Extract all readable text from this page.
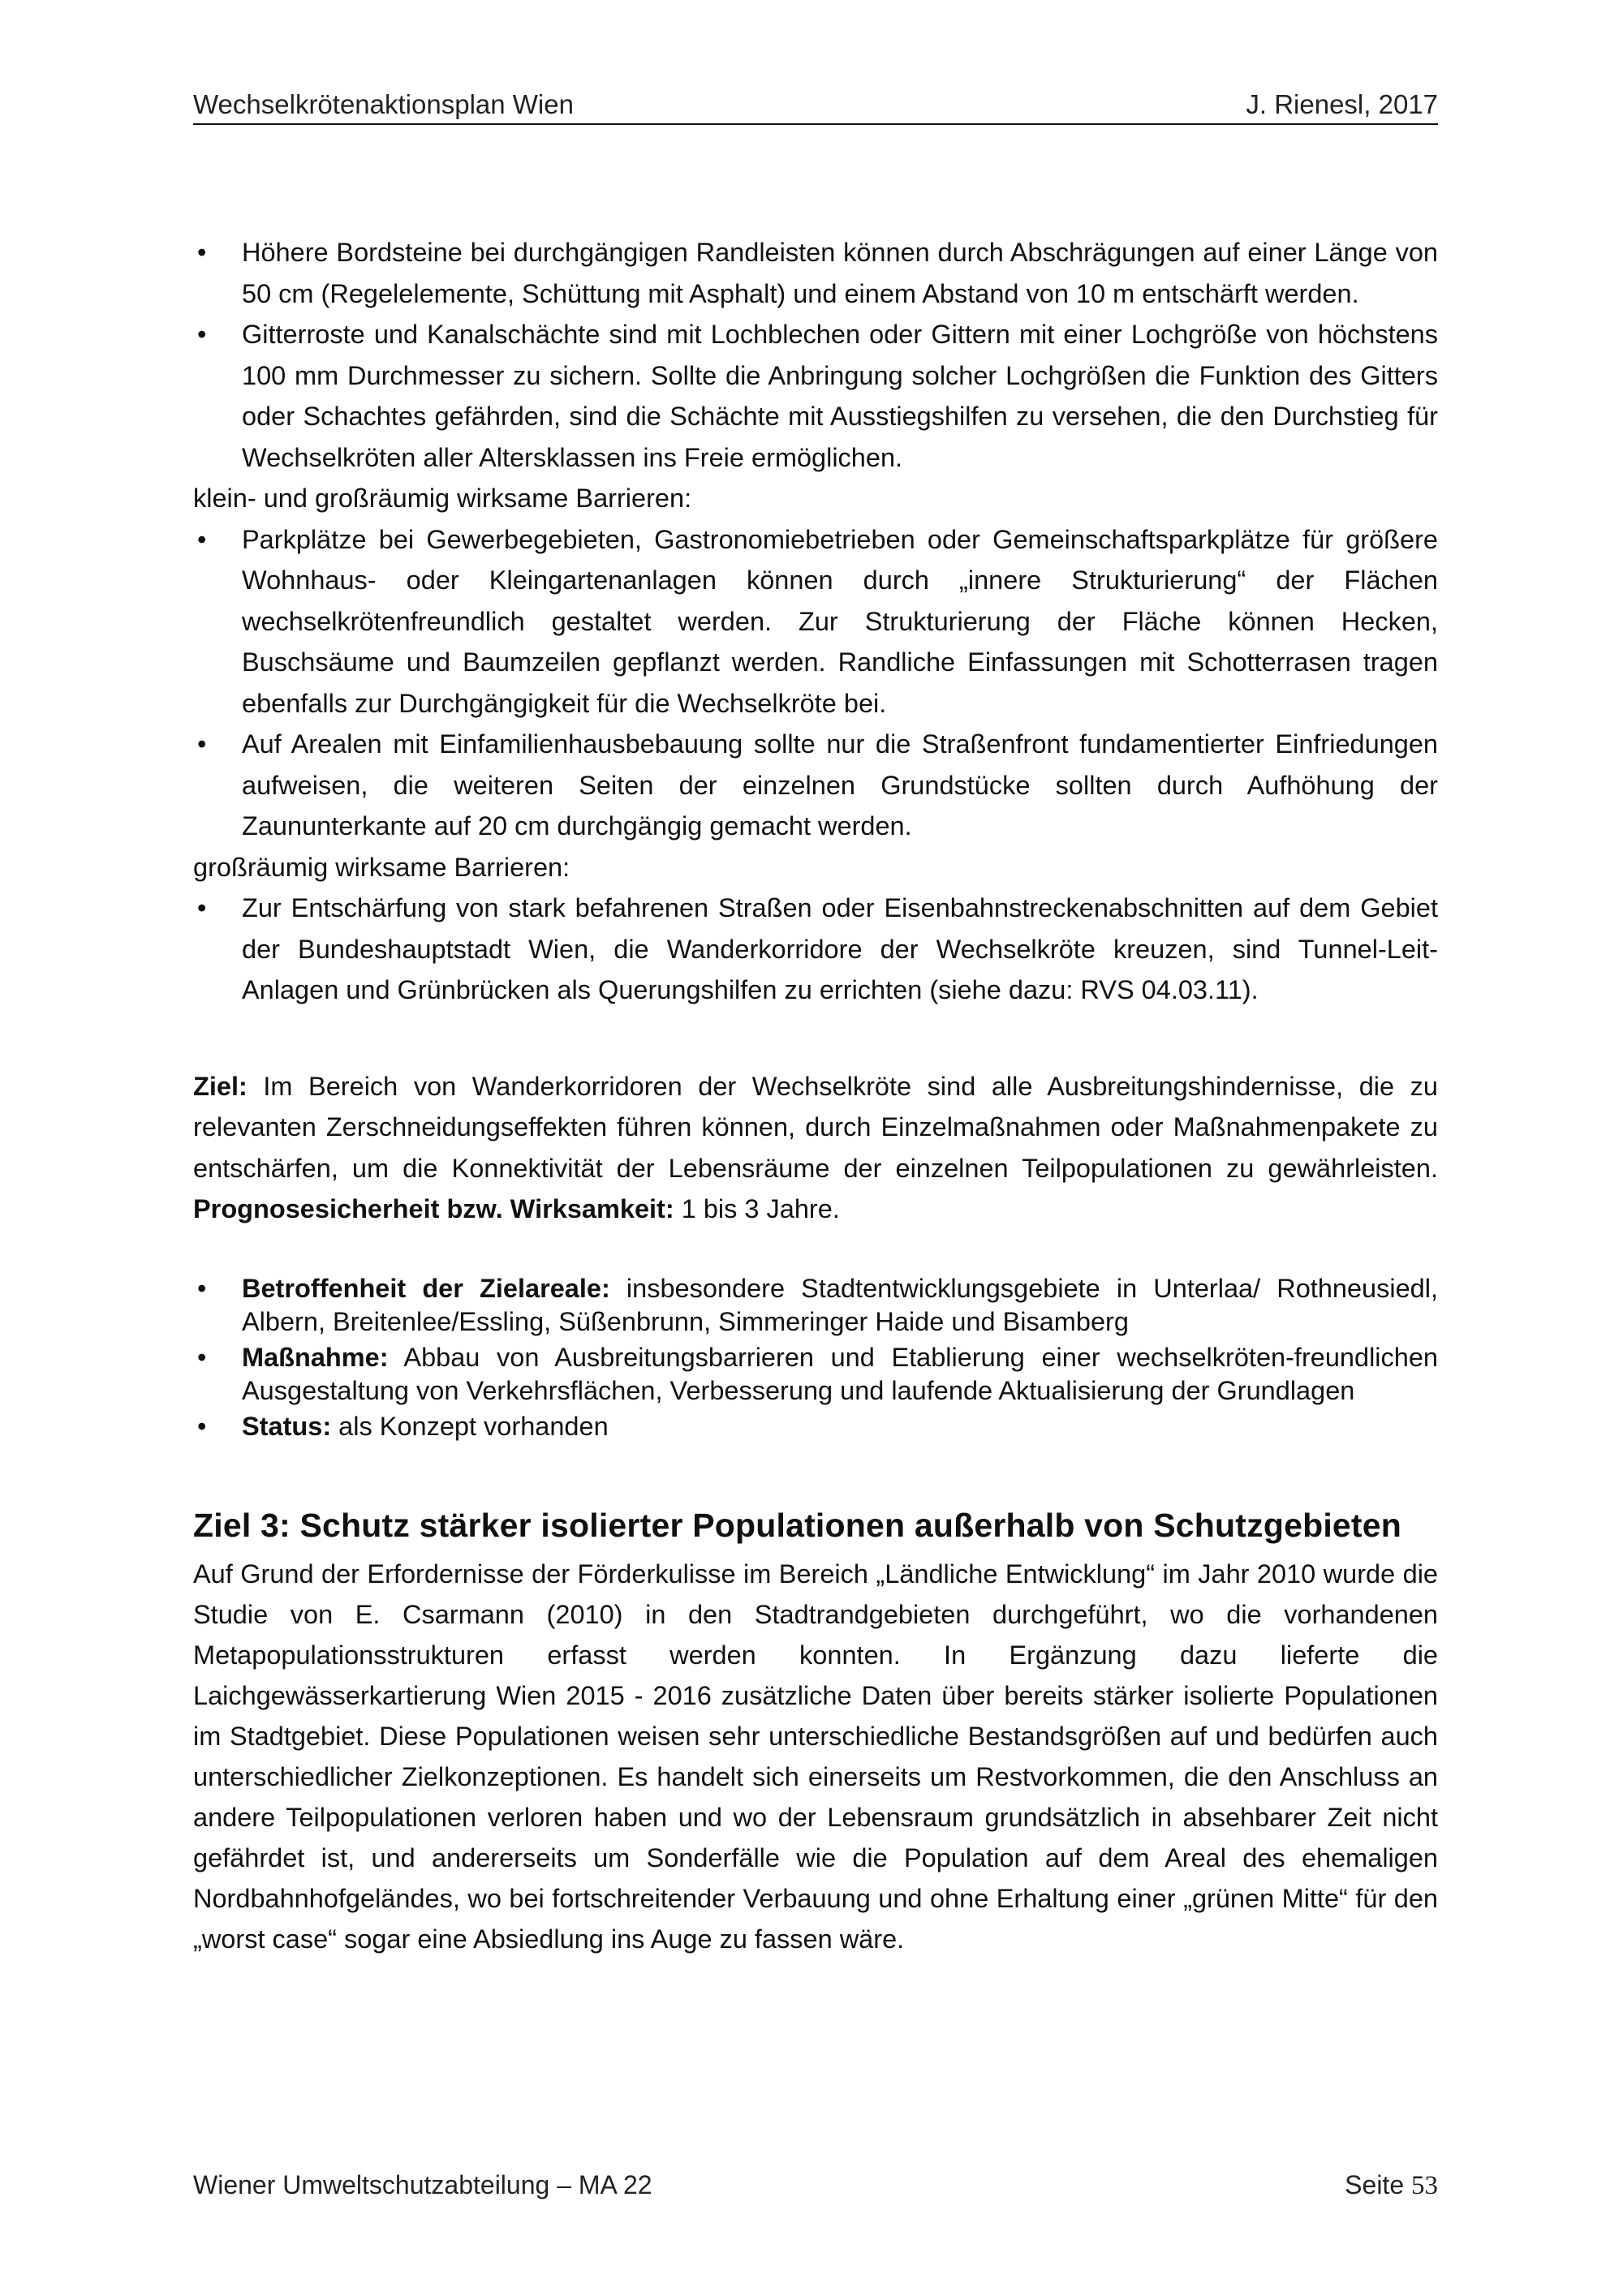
Wechselkrötenaktionsplan Wien	J. Rienesl, 2017
• Höhere Bordsteine bei durchgängigen Randleisten können durch Abschrägungen auf einer Länge von 50 cm (Regelelemente, Schüttung mit Asphalt) und einem Abstand von 10 m entschärft werden.
• Gitterroste und Kanalschächte sind mit Lochblechen oder Gittern mit einer Lochgröße von höchstens 100 mm Durchmesser zu sichern. Sollte die Anbringung solcher Lochgrößen die Funktion des Gitters oder Schachtes gefährden, sind die Schächte mit Ausstiegshilfen zu versehen, die den Durchstieg für Wechselkröten aller Altersklassen ins Freie ermöglichen.
klein- und großräumig wirksame Barrieren:
• Parkplätze bei Gewerbegebieten, Gastronomiebetrieben oder Gemeinschaftsparkplätze für größere Wohnhaus- oder Kleingartenanlagen können durch „innere Strukturierung“ der Flächen wechselkrötenfreundlich gestaltet werden. Zur Strukturierung der Fläche können Hecken, Buschsäume und Baumzeilen gepflanzt werden. Randliche Einfassungen mit Schotterrasen tragen ebenfalls zur Durchgängigkeit für die Wechselkröte bei.
• Auf Arealen mit Einfamilienhausbebauung sollte nur die Straßenfront fundamentierter Einfriedungen aufweisen, die weiteren Seiten der einzelnen Grundstücke sollten durch Aufhöhung der Zaununterkante auf 20 cm durchgängig gemacht werden.
großräumig wirksame Barrieren:
• Zur Entschärfung von stark befahrenen Straßen oder Eisenbahnstreckenabschnitten auf dem Gebiet der Bundeshauptstadt Wien, die Wanderkorridore der Wechselkröte kreuzen, sind Tunnel-Leit-Anlagen und Grünbrücken als Querungshilfen zu errichten (siehe dazu: RVS 04.03.11).

Ziel: Im Bereich von Wanderkorridoren der Wechselkröte sind alle Ausbreitungshindernisse, die zu relevanten Zerschneidungseffekten führen können, durch Einzelmaßnahmen oder Maßnahmenpakete zu entschärfen, um die Konnektivität der Lebensräume der einzelnen Teilpopulationen zu gewährleisten. Prognosesicherheit bzw. Wirksamkeit: 1 bis 3 Jahre.

• Betroffenheit der Zielareale: insbesondere Stadtentwicklungsgebiete in Unterlaa/ Rothneusiedl, Albern, Breitenlee/Essling, Süßenbrunn, Simmeringer Haide und Bisamberg
• Maßnahme: Abbau von Ausbreitungsbarrieren und Etablierung einer wechselkröten-freundlichen Ausgestaltung von Verkehrsflächen, Verbesserung und laufende Aktualisierung der Grundlagen
• Status: als Konzept vorhanden
Ziel 3: Schutz stärker isolierter Populationen außerhalb von Schutzgebieten

Auf Grund der Erfordernisse der Förderkulisse im Bereich „Ländliche Entwicklung“ im Jahr 2010 wurde die Studie von E. Csarmann (2010) in den Stadtrandgebieten durchgeführt, wo die vorhandenen Metapopulationsstrukturen erfasst werden konnten. In Ergänzung dazu lieferte die Laichgewässerkartierung Wien 2015 - 2016 zusätzliche Daten über bereits stärker isolierte Populationen im Stadtgebiet. Diese Populationen weisen sehr unterschiedliche Bestandsgrößen auf und bedürfen auch unterschiedlicher Zielkonzeptionen. Es handelt sich einerseits um Restvorkommen, die den Anschluss an andere Teilpopulationen verloren haben und wo der Lebensraum grundsätzlich in absehbarer Zeit nicht gefährdet ist, und andererseits um Sonderfälle wie die Population auf dem Areal des ehemaligen Nordbahnhofgeländes, wo bei fortschreitender Verbauung und ohne Erhaltung einer „grünen Mitte“ für den „worst case“ sogar eine Absiedlung ins Auge zu fassen wäre.

Wiener Umweltschutzabteilung – MA 22	Seite 53
